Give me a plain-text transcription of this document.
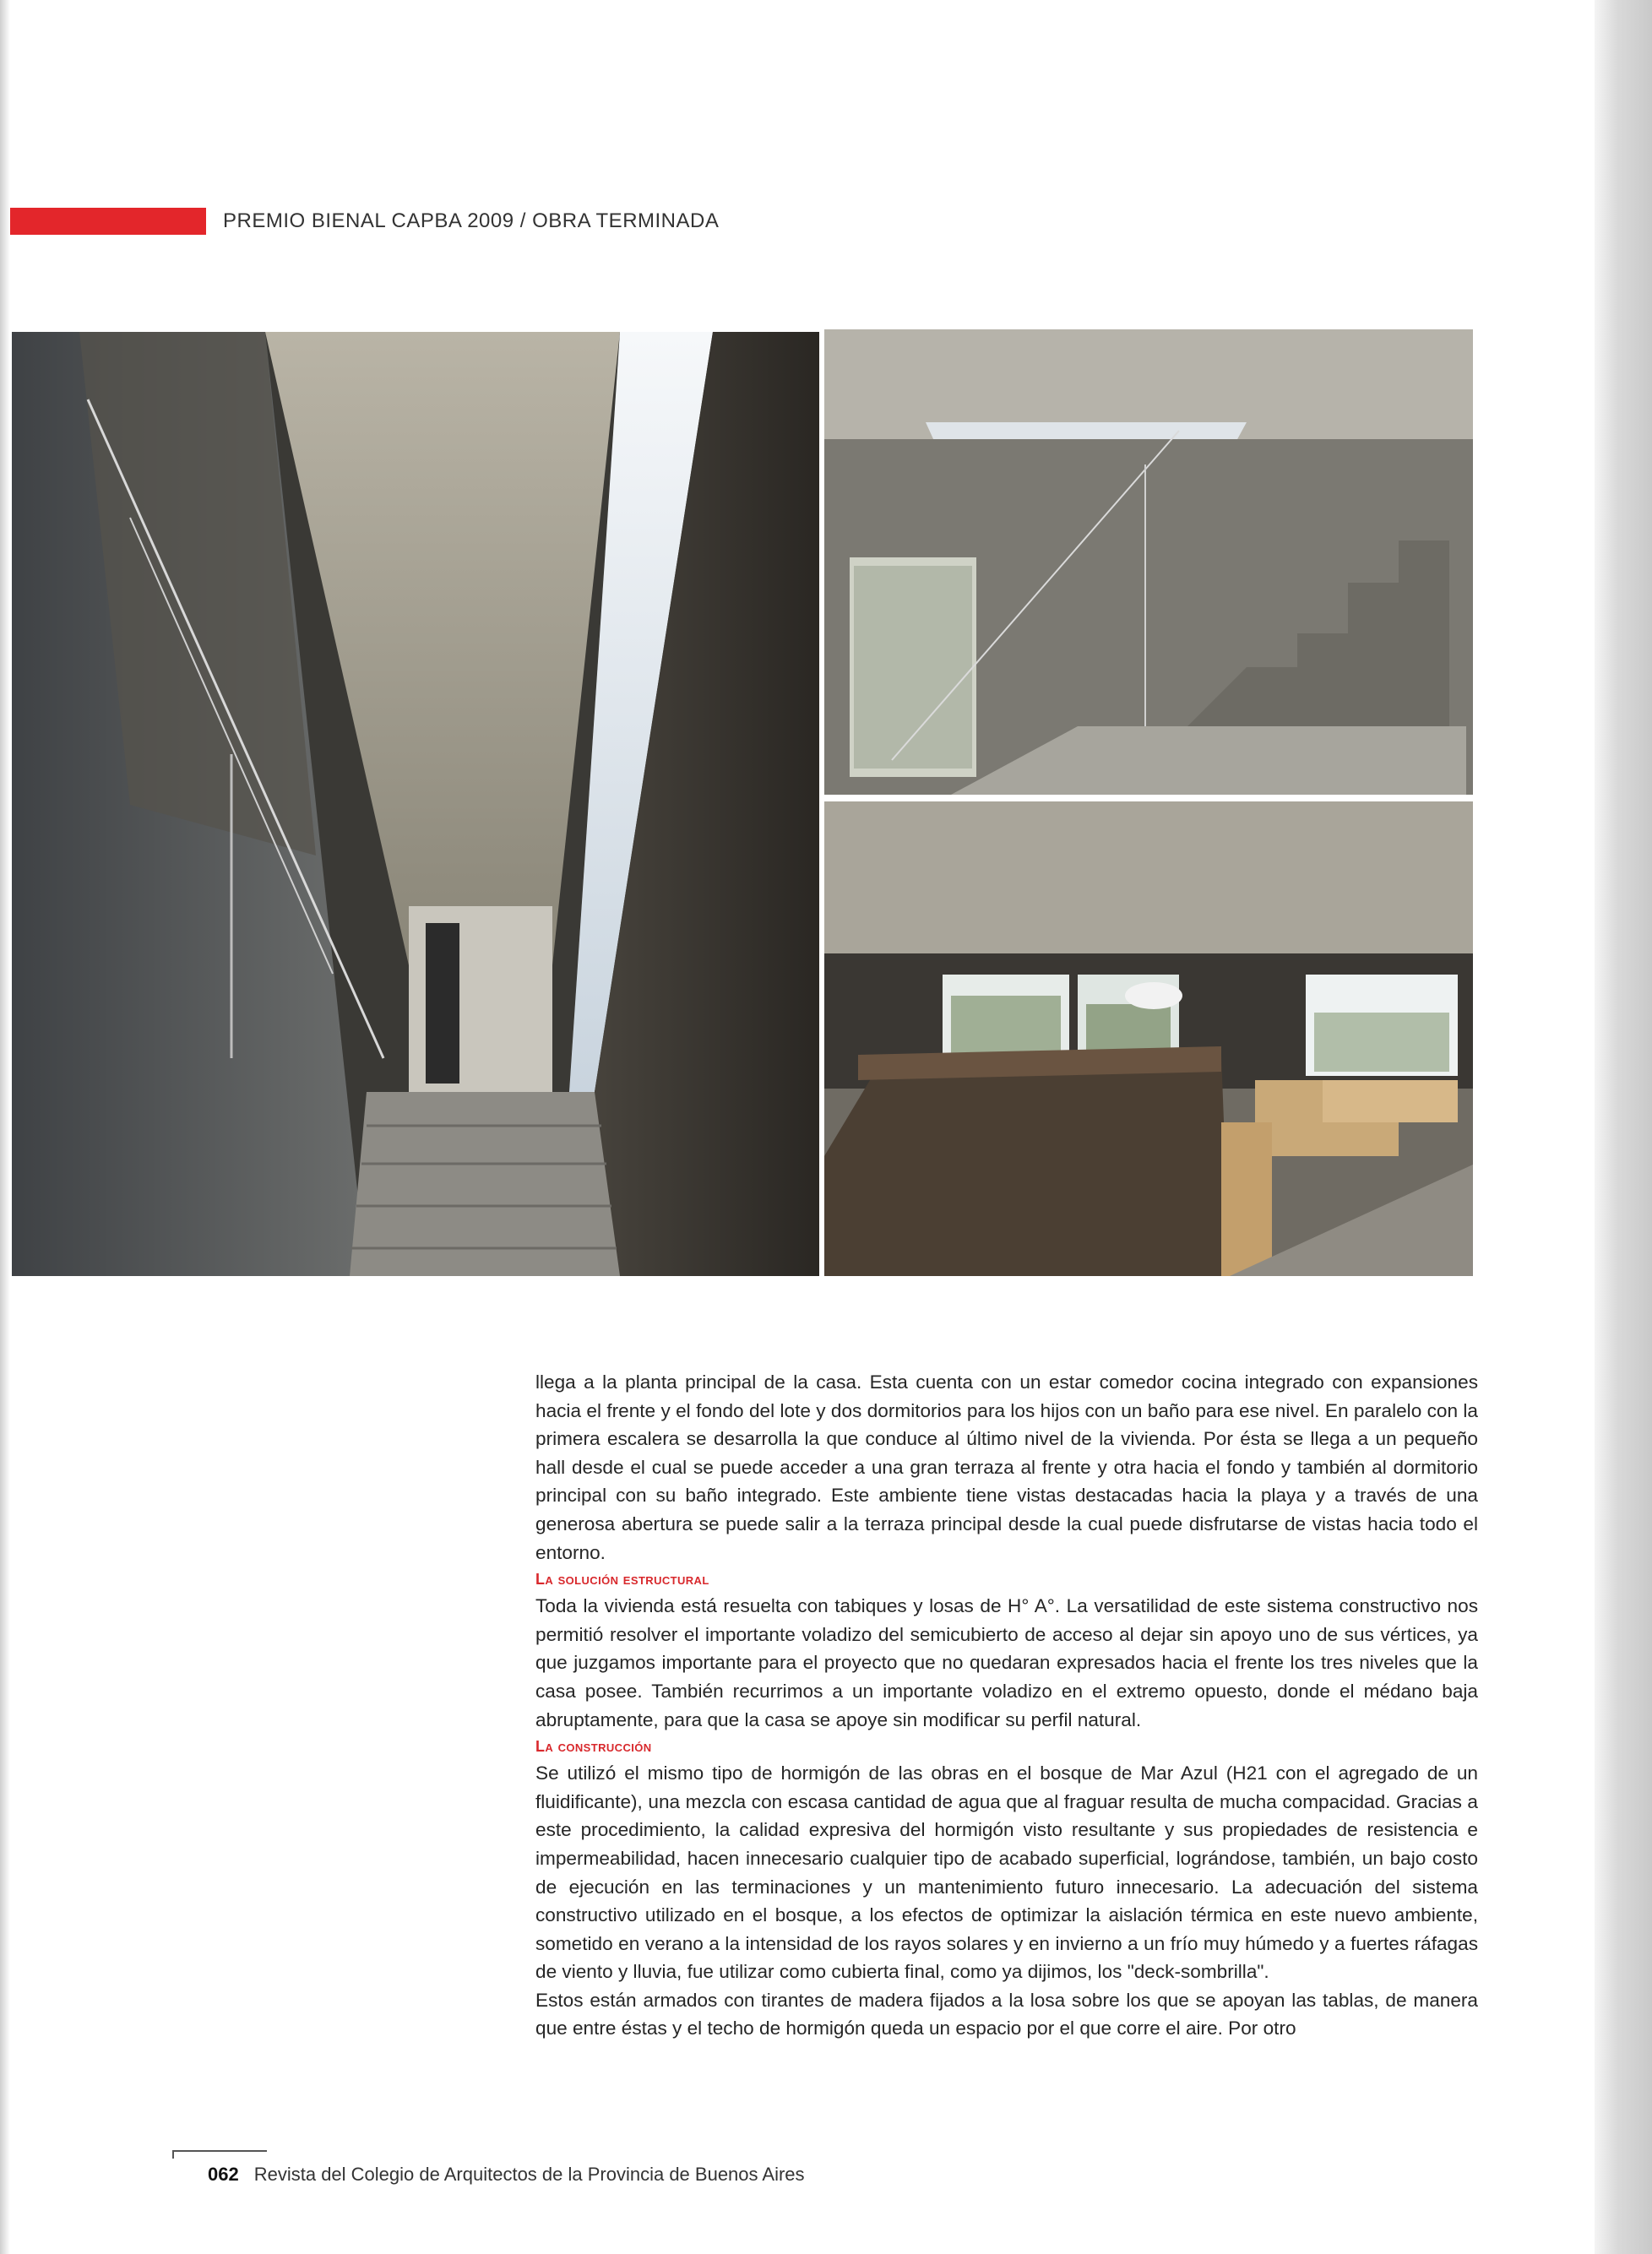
PREMIO BIENAL CAPBA 2009 / OBRA TERMINADA

llega a la planta principal de la casa. Esta cuenta con un estar comedor cocina integrado con expansiones hacia el frente y el fondo del lote y dos dormitorios para los hijos con un baño para ese nivel. En paralelo con la primera escalera se desarrolla la que conduce al último nivel de la vivienda. Por ésta se llega a un pequeño hall desde el cual se puede acceder a una gran terraza al frente y otra hacia el fondo y también al dormitorio principal con su baño integrado. Este ambiente tiene vistas destacadas hacia la playa y a través de una generosa abertura se puede salir a la terraza principal desde la cual puede disfrutarse de vistas hacia todo el entorno.

La solución estructural

Toda la vivienda está resuelta con tabiques y losas de H° A°. La versatilidad de este sistema constructivo nos permitió resolver el importante voladizo del semicubierto de acceso al dejar sin apoyo uno de sus vértices, ya que juzgamos importante para el proyecto que no quedaran expresados hacia el frente los tres niveles que la casa posee. También recurrimos a un importante voladizo en el extremo opuesto, donde el médano baja abruptamente, para que la casa se apoye sin modificar su perfil natural.

La construcción

Se utilizó el mismo tipo de hormigón de las obras en el bosque de Mar Azul (H21 con el agregado de un fluidificante), una mezcla con escasa cantidad de agua que al fraguar resulta de mucha compacidad. Gracias a este procedimiento, la calidad expresiva del hormigón visto resultante y sus propiedades de resistencia e impermeabilidad, hacen innecesario cualquier tipo de acabado superficial, lográndose, también, un bajo costo de ejecución en las terminaciones y un mantenimiento futuro innecesario. La adecuación del sistema constructivo utilizado en el bosque, a los efectos de optimizar la aislación térmica en este nuevo ambiente, sometido en verano a la intensidad de los rayos solares y en invierno a un frío muy húmedo y a fuertes ráfagas de viento y lluvia, fue utilizar como cubierta final, como ya dijimos, los "deck-sombrilla".

Estos están armados con tirantes de madera fijados a la losa sobre los que se apoyan las tablas, de manera que entre éstas y el techo de hormigón queda un espacio por el que corre el aire. Por otro

062 Revista del Colegio de Arquitectos de la Provincia de Buenos Aires
